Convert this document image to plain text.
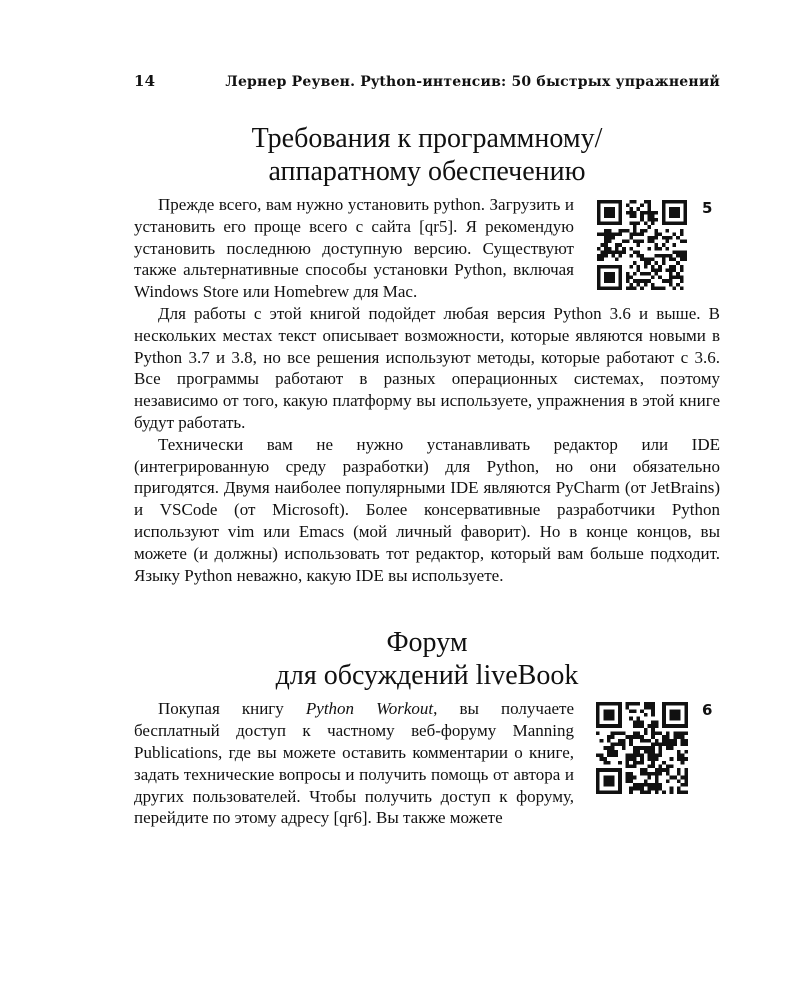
14	Лернер Реувен. Python-интенсив: 50 быстрых упражнений
Требования к программному/
аппаратному обеспечению
5

Прежде всего, вам нужно установить python. Загрузить и установить его проще всего с сайта [qr5]. Я рекомендую установить последнюю доступную версию. Существуют также альтернативные способы установки Python, включая Windows Store или Homebrew для Mac.

Для работы с этой книгой подойдет любая версия Python 3.6 и выше. В нескольких местах текст описывает возможности, которые являются новыми в Python 3.7 и 3.8, но все решения используют методы, которые работают с 3.6. Все программы работают в разных операционных системах, поэтому независимо от того, какую платформу вы используете, упражнения в этой книге будут работать.

Технически вам не нужно устанавливать редактор или IDE (интегрированную среду разработки) для Python, но они обязательно пригодятся. Двумя наиболее популярными IDE являются PyCharm (от JetBrains) и VSCode (от Microsoft). Более консервативные разработчики Python используют vim или Emacs (мой личный фаворит). Но в конце концов, вы можете (и должны) использовать тот редактор, который вам больше подходит. Языку Python неважно, какую IDE вы используете.

Форум
для обсуждений liveBook
6

Покупая книгу Python Workout, вы получаете бесплатный доступ к частному веб-форуму Manning Publications, где вы можете оставить комментарии о книге, задать технические вопросы и получить помощь от автора и других пользователей. Чтобы получить доступ к форуму, перейдите по этому адресу [qr6]. Вы также можете
